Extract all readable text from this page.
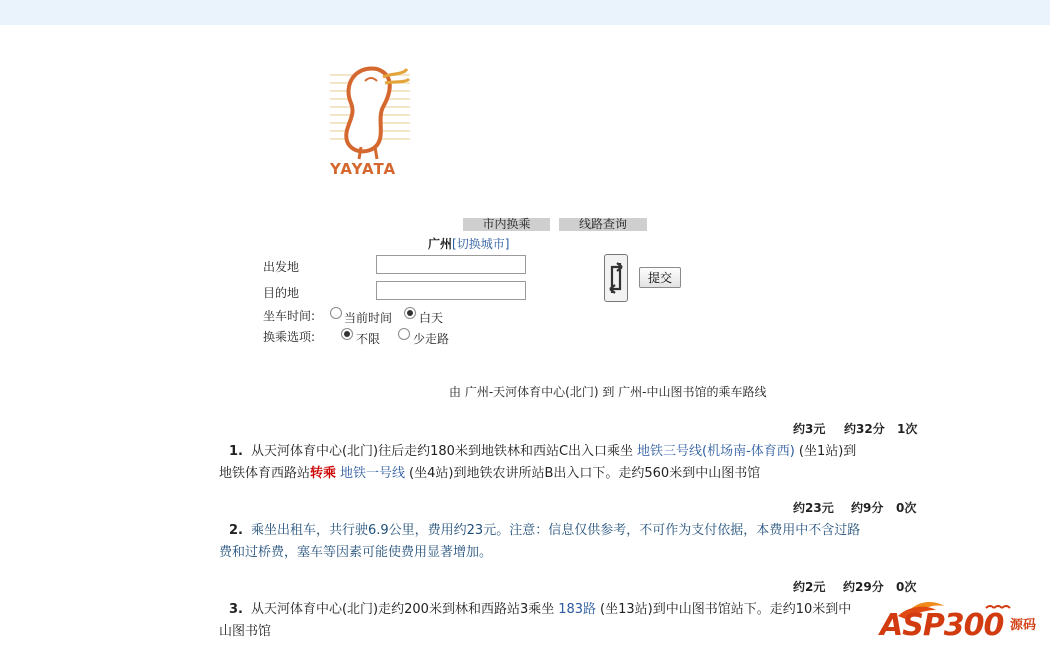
YAYATA
市内换乘	线路查询
广州[切换城市]
出发地
目的地
提交
坐车时间: 当前时间 白天
换乘选项:	不限	少走路
由 广州-天河体育中心(北门) 到 广州-中山图书馆的乘车路线
约3元 约32分 1次
1. 从天河体育中心(北门)往后走约180米到地铁林和西站C出入口乘坐 地铁三号线(机场南-体育西) (坐1站)到地铁体育西路站转乘 地铁一号线 (坐4站)到地铁农讲所站B出入口下。走约560米到中山图书馆
约23元 约9分 0次
2. 乘坐出租车，共行驶6.9公里，费用约23元。注意：信息仅供参考，不可作为支付依据，本费用中不含过路费和过桥费，塞车等因素可能使费用显著增加。
约2元 约29分 0次
3. 从天河体育中心(北门)走约200米到林和西路站3乘坐 183路 (坐13站)到中山图书馆站下。走约10米到中山图书馆	ASP300 源码
